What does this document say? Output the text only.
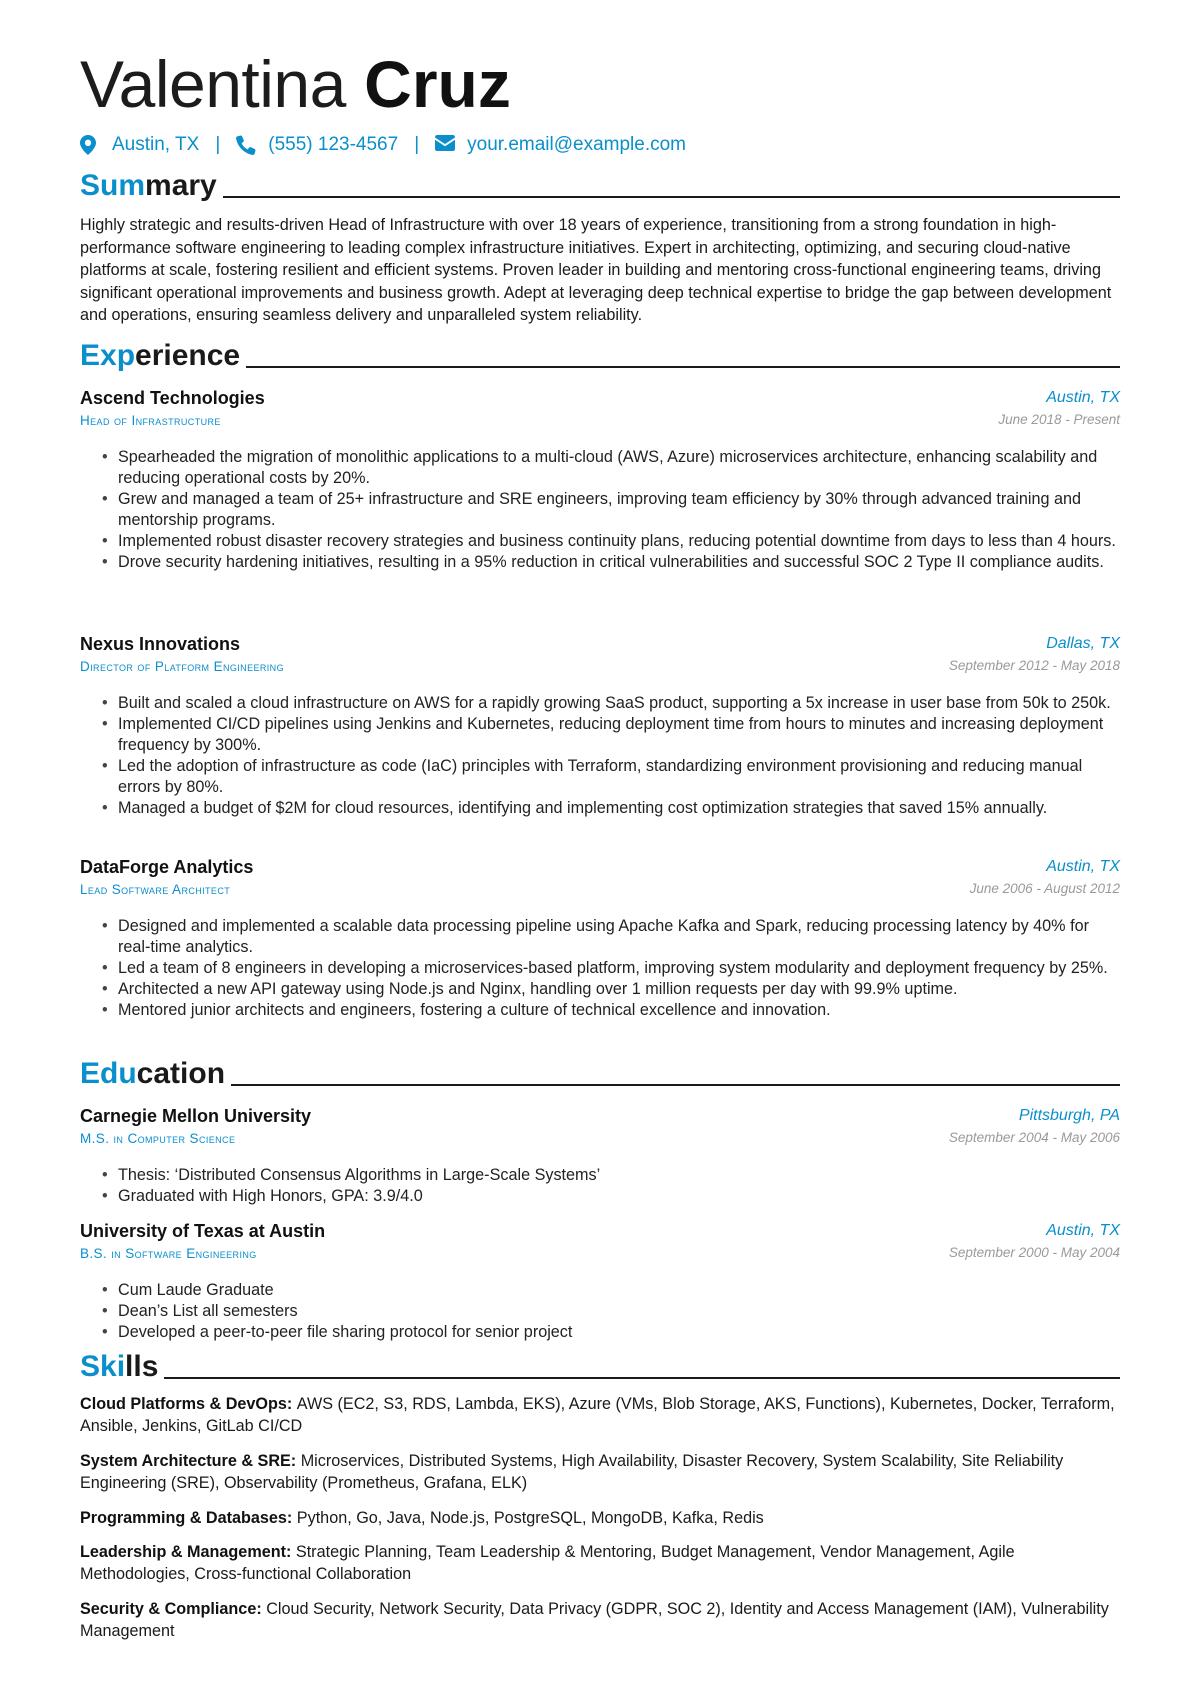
Valentina Cruz
Austin, TX |	(555) 123-4567 |	your.email@example.com
Summary
Highly strategic and results-driven Head of Infrastructure with over 18 years of experience, transitioning from a strong foundation in high-performance software engineering to leading complex infrastructure initiatives. Expert in architecting, optimizing, and securing cloud-native platforms at scale, fostering resilient and efficient systems. Proven leader in building and mentoring cross-functional engineering teams, driving significant operational improvements and business growth. Adept at leveraging deep technical expertise to bridge the gap between development and operations, ensuring seamless delivery and unparalleled system reliability.
Experience
Ascend Technologies	Austin, TX
Head of Infrastructure	June 2018 - Present
• Spearheaded the migration of monolithic applications to a multi-cloud (AWS, Azure) microservices architecture, enhancing scalability and reducing operational costs by 20%.
• Grew and managed a team of 25+ infrastructure and SRE engineers, improving team efficiency by 30% through advanced training and mentorship programs.
• Implemented robust disaster recovery strategies and business continuity plans, reducing potential downtime from days to less than 4 hours.
• Drove security hardening initiatives, resulting in a 95% reduction in critical vulnerabilities and successful SOC 2 Type II compliance audits.
Nexus Innovations	Dallas, TX
Director of Platform Engineering	September 2012 - May 2018
• Built and scaled a cloud infrastructure on AWS for a rapidly growing SaaS product, supporting a 5x increase in user base from 50k to 250k.
• Implemented CI/CD pipelines using Jenkins and Kubernetes, reducing deployment time from hours to minutes and increasing deployment frequency by 300%.
• Led the adoption of infrastructure as code (IaC) principles with Terraform, standardizing environment provisioning and reducing manual errors by 80%.
• Managed a budget of $2M for cloud resources, identifying and implementing cost optimization strategies that saved 15% annually.
DataForge Analytics	Austin, TX
Lead Software Architect	June 2006 - August 2012
• Designed and implemented a scalable data processing pipeline using Apache Kafka and Spark, reducing processing latency by 40% for real-time analytics.
• Led a team of 8 engineers in developing a microservices-based platform, improving system modularity and deployment frequency by 25%.
• Architected a new API gateway using Node.js and Nginx, handling over 1 million requests per day with 99.9% uptime.
• Mentored junior architects and engineers, fostering a culture of technical excellence and innovation.
Education
Carnegie Mellon University	Pittsburgh, PA
M.S. in Computer Science	September 2004 - May 2006
• Thesis: ‘Distributed Consensus Algorithms in Large-Scale Systems’
• Graduated with High Honors, GPA: 3.9/4.0
University of Texas at Austin	Austin, TX
B.S. in Software Engineering	September 2000 - May 2004
• Cum Laude Graduate
• Dean’s List all semesters
• Developed a peer-to-peer file sharing protocol for senior project
Skills
Cloud Platforms & DevOps: AWS (EC2, S3, RDS, Lambda, EKS), Azure (VMs, Blob Storage, AKS, Functions), Kubernetes, Docker, Terraform, Ansible, Jenkins, GitLab CI/CD
System Architecture & SRE: Microservices, Distributed Systems, High Availability, Disaster Recovery, System Scalability, Site Reliability Engineering (SRE), Observability (Prometheus, Grafana, ELK)
Programming & Databases: Python, Go, Java, Node.js, PostgreSQL, MongoDB, Kafka, Redis
Leadership & Management: Strategic Planning, Team Leadership & Mentoring, Budget Management, Vendor Management, Agile Methodologies, Cross-functional Collaboration
Security & Compliance: Cloud Security, Network Security, Data Privacy (GDPR, SOC 2), Identity and Access Management (IAM), Vulnerability Management
